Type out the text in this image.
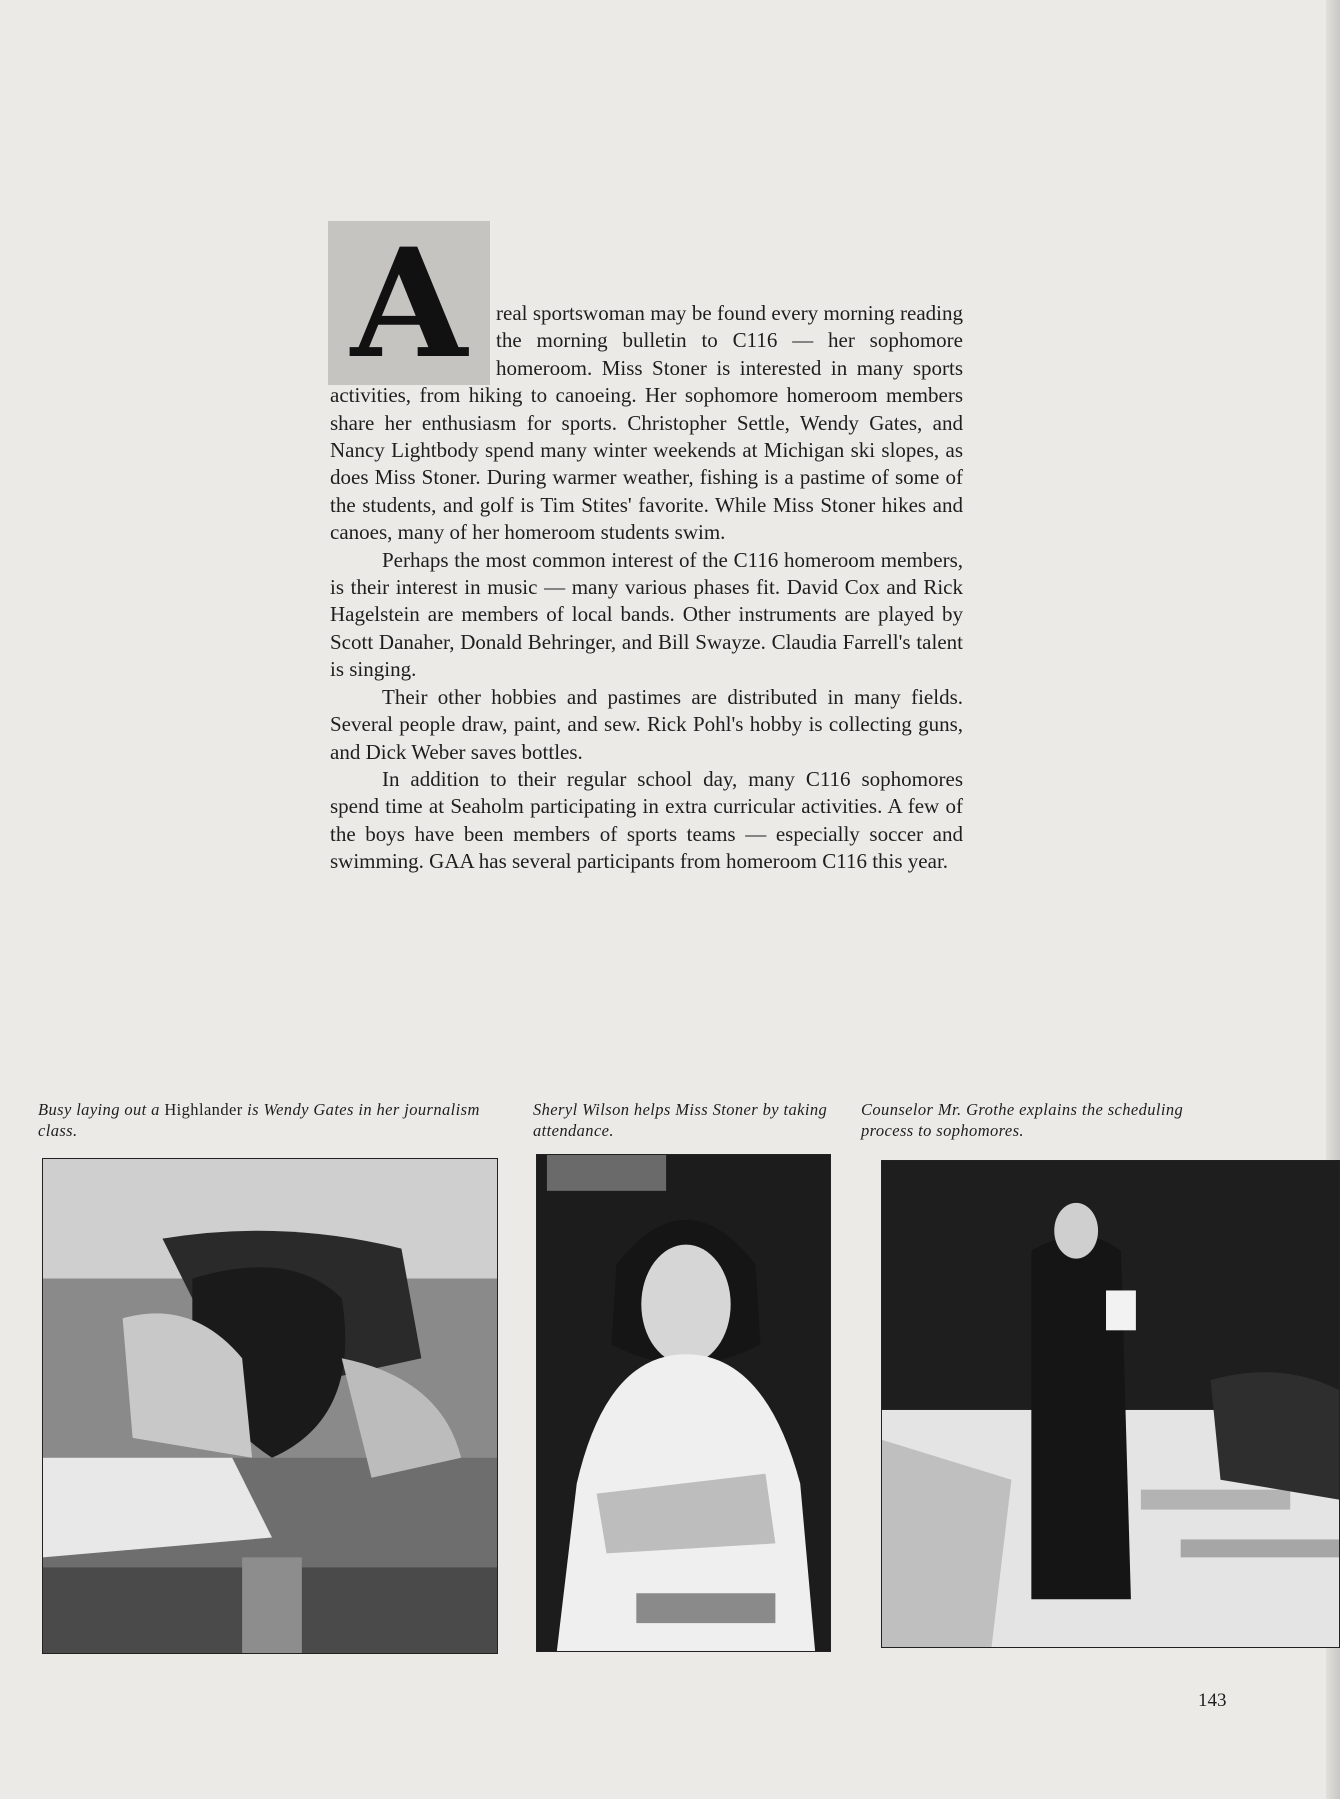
A	real sportswoman may be found every morning reading the morning bulletin to C116 — her sophomore homeroom. Miss Stoner is interested in many sports activities, from hiking to canoeing. Her sophomore homeroom members share her enthusiasm for sports. Christopher Settle, Wendy Gates, and Nancy Lightbody spend many winter weekends at Michigan ski slopes, as does Miss Stoner. During warmer weather, fishing is a pastime of some of the students, and golf is Tim Stites' favorite. While Miss Stoner hikes and canoes, many of her homeroom students swim.

Perhaps the most common interest of the C116 homeroom members, is their interest in music — many various phases fit. David Cox and Rick Hagelstein are members of local bands. Other instruments are played by Scott Danaher, Donald Behringer, and Bill Swayze. Claudia Farrell's talent is singing.

Their other hobbies and pastimes are distributed in many fields. Several people draw, paint, and sew. Rick Pohl's hobby is collecting guns, and Dick Weber saves bottles.

In addition to their regular school day, many C116 sophomores spend time at Seaholm participating in extra curricular activities. A few of the boys have been members of sports teams — especially soccer and swimming. GAA has several participants from homeroom C116 this year.

Busy laying out a Highlander is Wendy Gates in her journalism class.
Sheryl Wilson helps Miss Stoner by taking attendance.
Counselor Mr. Grothe explains the scheduling process to sophomores.
143
